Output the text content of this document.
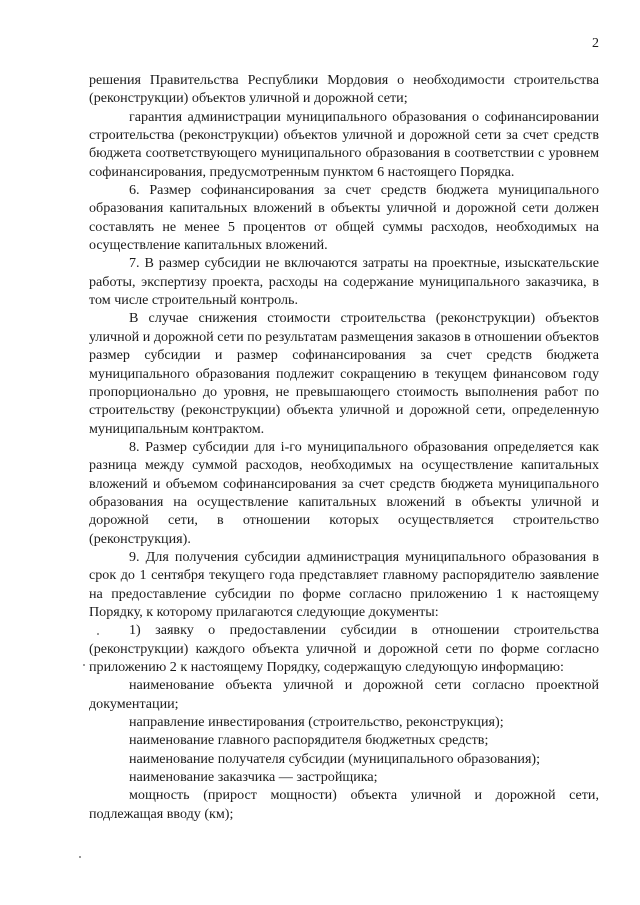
2

решения Правительства Республики Мордовия о необходимости строительства (реконструкции) объектов уличной и дорожной сети;

гарантия администрации муниципального образования о софинансировании строительства (реконструкции) объектов уличной и дорожной сети за счет средств бюджета соответствующего муниципального образования в соответствии с уровнем софинансирования, предусмотренным пунктом 6 настоящего Порядка.

6. Размер софинансирования за счет средств бюджета муниципального образования капитальных вложений в объекты уличной и дорожной сети должен составлять не менее 5 процентов от общей суммы расходов, необходимых на осуществление капитальных вложений.

7. В размер субсидии не включаются затраты на проектные, изыскательские работы, экспертизу проекта, расходы на содержание муниципального заказчика, в том числе строительный контроль.

В случае снижения стоимости строительства (реконструкции) объектов уличной и дорожной сети по результатам размещения заказов в отношении объектов размер субсидии и размер софинансирования за счет средств бюджета муниципального образования подлежит сокращению в текущем финансовом году пропорционально до уровня, не превышающего стоимость выполнения работ по строительству (реконструкции) объекта уличной и дорожной сети, определенную муниципальным контрактом.

8. Размер субсидии для i-го муниципального образования определяется как разница между суммой расходов, необходимых на осуществление капитальных вложений и объемом софинансирования за счет средств бюджета муниципального образования на осуществление капитальных вложений в объекты уличной и дорожной сети, в отношении которых осуществляется строительство (реконструкция).

9. Для получения субсидии администрация муниципального образования в срок до 1 сентября текущего года представляет главному распорядителю заявление на предоставление субсидии по форме согласно приложению 1 к настоящему Порядку, к которому прилагаются следующие документы:

1) заявку о предоставлении субсидии в отношении строительства (реконструкции) каждого объекта уличной и дорожной сети по форме согласно приложению 2 к настоящему Порядку, содержащую следующую информацию:

наименование объекта уличной и дорожной сети согласно проектной документации;

направление инвестирования (строительство, реконструкция);

наименование главного распорядителя бюджетных средств;

наименование получателя субсидии (муниципального образования);

наименование заказчика — застройщика;

мощность (прирост мощности) объекта уличной и дорожной сети, подлежащая вводу (км);
